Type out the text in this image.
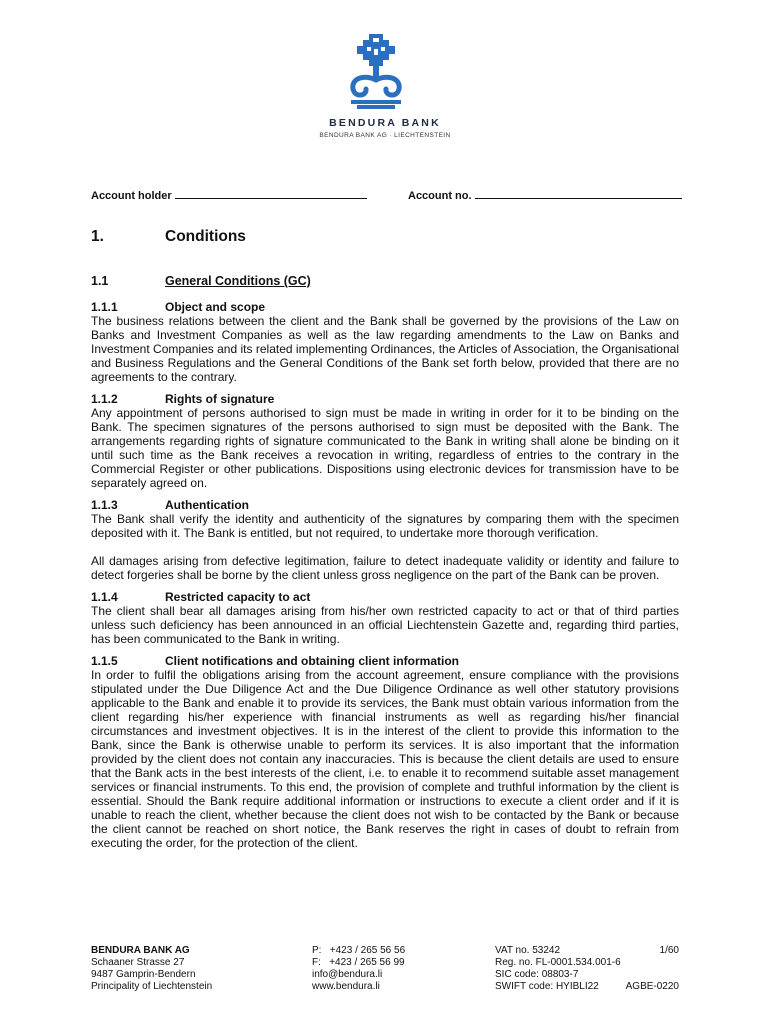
BENDURA BANK
BENDURA BANK AG · LIECHTENSTEIN
Account holder	Account no.
1.	Conditions
1.1	General Conditions (GC)
1.1.1	Object and scope

The business relations between the client and the Bank shall be governed by the provisions of the Law on Banks and Investment Companies as well as the law regarding amendments to the Law on Banks and Investment Companies and its related implementing Ordinances, the Articles of Association, the Organisational and Business Regulations and the General Conditions of the Bank set forth below, provided that there are no agreements to the contrary.

1.1.2	Rights of signature

Any appointment of persons authorised to sign must be made in writing in order for it to be binding on the Bank. The specimen signatures of the persons authorised to sign must be deposited with the Bank. The arrangements regarding rights of signature communicated to the Bank in writing shall alone be binding on it until such time as the Bank receives a revocation in writing, regardless of entries to the contrary in the Commercial Register or other publications. Dispositions using electronic devices for transmission have to be separately agreed on.

1.1.3	Authentication

The Bank shall verify the identity and authenticity of the signatures by comparing them with the specimen deposited with it. The Bank is entitled, but not required, to undertake more thorough verification.

All damages arising from defective legitimation, failure to detect inadequate validity or identity and failure to detect forgeries shall be borne by the client unless gross negligence on the part of the Bank can be proven.

1.1.4	Restricted capacity to act

The client shall bear all damages arising from his/her own restricted capacity to act or that of third parties unless such deficiency has been announced in an official Liechtenstein Gazette and, regarding third parties, has been communicated to the Bank in writing.

1.1.5	Client notifications and obtaining client information

In order to fulfil the obligations arising from the account agreement, ensure compliance with the provisions stipulated under the Due Diligence Act and the Due Diligence Ordinance as well other statutory provisions applicable to the Bank and enable it to provide its services, the Bank must obtain various information from the client regarding his/her experience with financial instruments as well as regarding his/her financial circumstances and investment objectives. It is in the interest of the client to provide this information to the Bank, since the Bank is otherwise unable to perform its services. It is also important that the information provided by the client does not contain any inaccuracies. This is because the client details are used to ensure that the Bank acts in the best interests of the client, i.e. to enable it to recommend suitable asset management services or financial instruments. To this end, the provision of complete and truthful information by the client is essential. Should the Bank require additional information or instructions to execute a client order and if it is unable to reach the client, whether because the client does not wish to be contacted by the Bank or because the client cannot be reached on short notice, the Bank reserves the right in cases of doubt to refrain from executing the order, for the protection of the client.

BENDURA BANK AG
Schaaner Strasse 27
9487 Gamprin-Bendern
Principality of Liechtenstein
P:   +423 / 265 56 56
F:   +423 / 265 56 99
info@bendura.li
www.bendura.li
VAT no. 53242
Reg. no. FL-0001.534.001-6
SIC code: 08803-7
SWIFT code: HYIBLI22
1/60
AGBE-0220
